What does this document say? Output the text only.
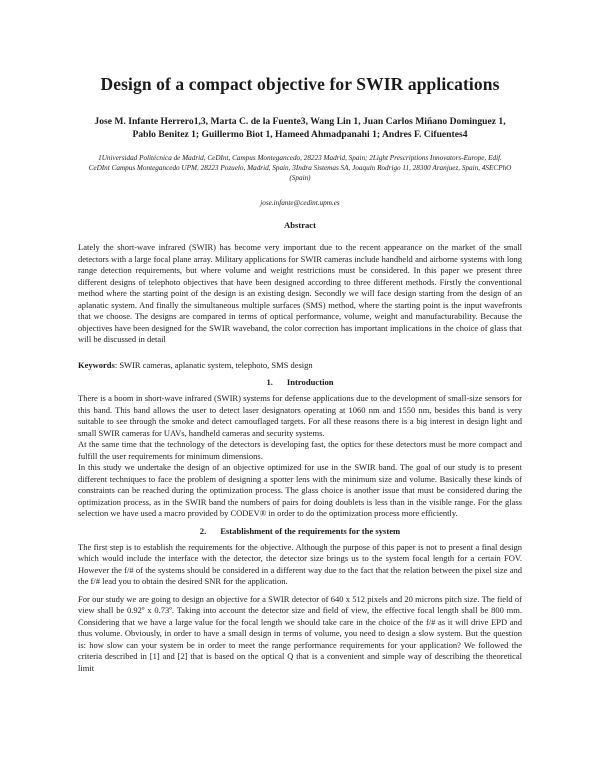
Design of a compact objective for SWIR applications
Jose M. Infante Herrero1,3, Marta C. de la Fuente3, Wang Lin 1, Juan Carlos Miñano Dominguez 1, Pablo Benitez 1; Guillermo Biot 1, Hameed Ahmadpanahi 1; Andres F. Cifuentes4
1Universidad Politécnica de Madrid, CeDInt, Campus Montegancedo, 28223 Madrid, Spain; 2Light Prescriptions Innovators-Europe, Edif. CeDInt Campus Montegancedo UPM, 28223 Pozuelo, Madrid, Spain, 3Indra Sistemas SA, Joaquín Rodrigo 11, 28300 Aranjuez, Spain, 4SECPhO (Spain)
jose.infante@cedint.upm.es
Abstract
Lately the short-wave infrared (SWIR) has become very important due to the recent appearance on the market of the small detectors with a large focal plane array. Military applications for SWIR cameras include handheld and airborne systems with long range detection requirements, but where volume and weight restrictions must be considered. In this paper we present three different designs of telephoto objectives that have been designed according to three different methods. Firstly the conventional method where the starting point of the design is an existing design. Secondly we will face design starting from the design of an aplanatic system. And finally the simultaneous multiple surfaces (SMS) method, where the starting point is the input wavefronts that we choose. The designs are compared in terms of optical performance, volume, weight and manufacturability. Because the objectives have been designed for the SWIR waveband, the color correction has important implications in the choice of glass that will be discussed in detail
Keywords: SWIR cameras, aplanatic system, telephoto, SMS design
1. Introduction
There is a boom in short-wave infrared (SWIR) systems for defense applications due to the development of small-size sensors for this band. This band allows the user to detect laser designators operating at 1060 nm and 1550 nm, besides this band is very suitable to see through the smoke and detect camouflaged targets. For all these reasons there is a big interest in design light and small SWIR cameras for UAVs, handheld cameras and security systems.
At the same time that the technology of the detectors is developing fast, the optics for these detectors must be more compact and fulfill the user requirements for minimum dimensions.
In this study we undertake the design of an objective optimized for use in the SWIR band. The goal of our study is to present different techniques to face the problem of designing a spotter lens with the minimum size and volume. Basically these kinds of constraints can be reached during the optimization process. The glass choice is another issue that must be considered during the optimization process, as in the SWIR band the numbers of pairs for doing doublets is less than in the visible range. For the glass selection we have used a macro provided by CODEV® in order to do the optimization process more efficiently.
2. Establishment of the requirements for the system
The first step is to establish the requirements for the objective. Although the purpose of this paper is not to present a final design which would include the interface with the detector, the detector size brings us to the system focal length for a certain FOV. However the f/# of the systems should be considered in a different way due to the fact that the relation between the pixel size and the f/# lead you to obtain the desired SNR for the application.
For our study we are going to design an objective for a SWIR detector of 640 x 512 pixels and 20 microns pitch size. The field of view shall be 0.92º x 0.73º. Taking into account the detector size and field of view, the effective focal length shall be 800 mm. Considering that we have a large value for the focal length we should take care in the choice of the f/# as it will drive EPD and thus volume. Obviously, in order to have a small design in terms of volume, you need to design a slow system. But the question is: how slow can your system be in order to meet the range performance requirements for your application? We followed the criteria described in [1] and [2] that is based on the optical Q that is a convenient and simple way of describing the theoretical limit
